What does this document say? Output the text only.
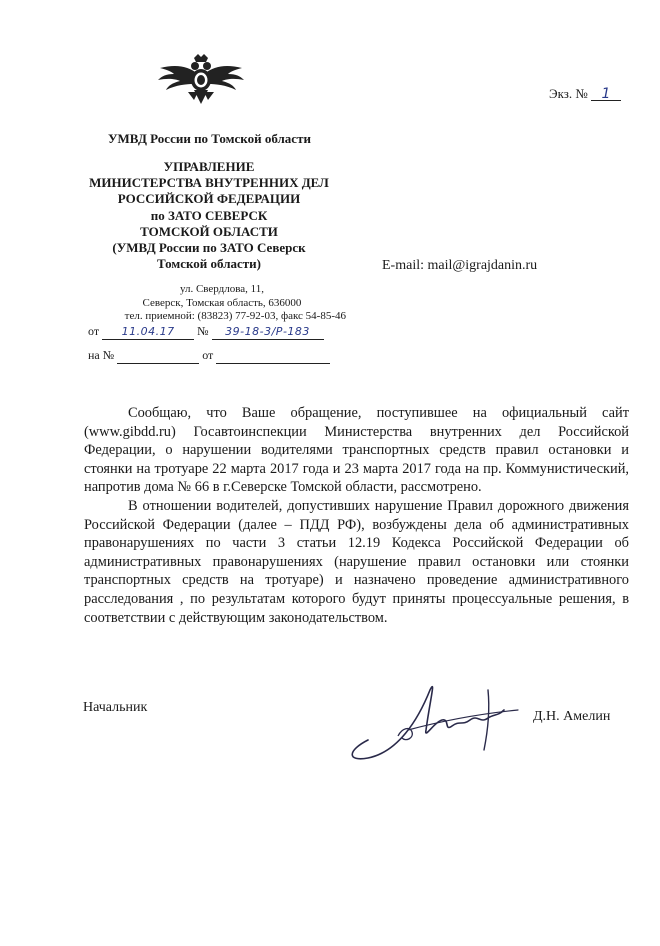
Экз. № 1
УМВД России по Томской области
УПРАВЛЕНИЕ
МИНИСТЕРСТВА ВНУТРЕННИХ ДЕЛ
РОССИЙСКОЙ ФЕДЕРАЦИИ
по ЗАТО СЕВЕРСК
ТОМСКОЙ ОБЛАСТИ
(УМВД России по ЗАТО Северск
Томской области)	E-mail: mail@igrajdanin.ru
ул. Свердлова, 11,
Северск, Томская область, 636000
тел. приемной: (83823) 77-92-03, факс 54-85-46
от 11.04.17 № 39-18-3/Р-183
на №	от

Сообщаю, что Ваше обращение, поступившее на официальный сайт (www.gibdd.ru) Госавтоинспекции Министерства внутренних дел Российской Федерации, о нарушении водителями транспортных средств правил остановки и стоянки на тротуаре 22 марта 2017 года и 23 марта 2017 года на пр. Коммунистический, напротив дома № 66 в г.Северске Томской области, рассмотрено.

В отношении водителей, допустивших нарушение Правил дорожного движения Российской Федерации (далее – ПДД РФ), возбуждены дела об административных правонарушениях по части 3 статьи 12.19 Кодекса Российской Федерации об административных правонарушениях (нарушение правил остановки или стоянки транспортных средств на тротуаре) и назначено проведение административного расследования , по результатам которого будут приняты процессуальные решения, в соответствии с действующим законодательством.

Начальник
Д.Н. Амелин
